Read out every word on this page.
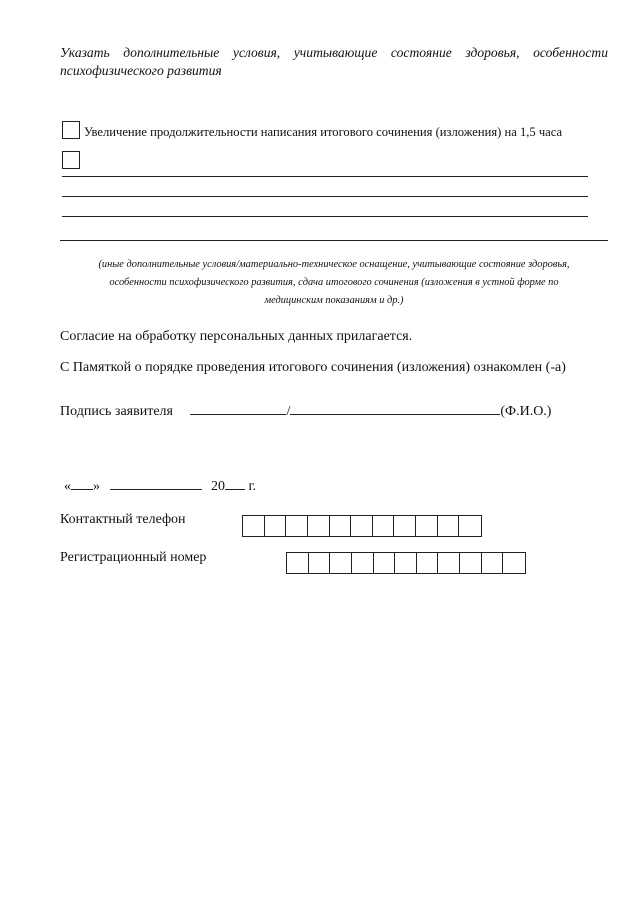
Указать дополнительные условия, учитывающие состояние здоровья, особенности
психофизического развития
Увеличение продолжительности написания итогового сочинения (изложения) на 1,5 часа
(иные дополнительные условия/материально-техническое оснащение, учитывающие состояние здоровья,
особенности психофизического развития, сдача итогового сочинения (изложения в устной форме по
медицинским показаниям и др.)
Согласие на обработку персональных данных прилагается.
С Памяткой о порядке проведения итогового сочинения (изложения) ознакомлен (-а)
Подпись заявителя	/	(Ф.И.О.)
« »	20 г.
Контактный телефон
Регистрационный номер
